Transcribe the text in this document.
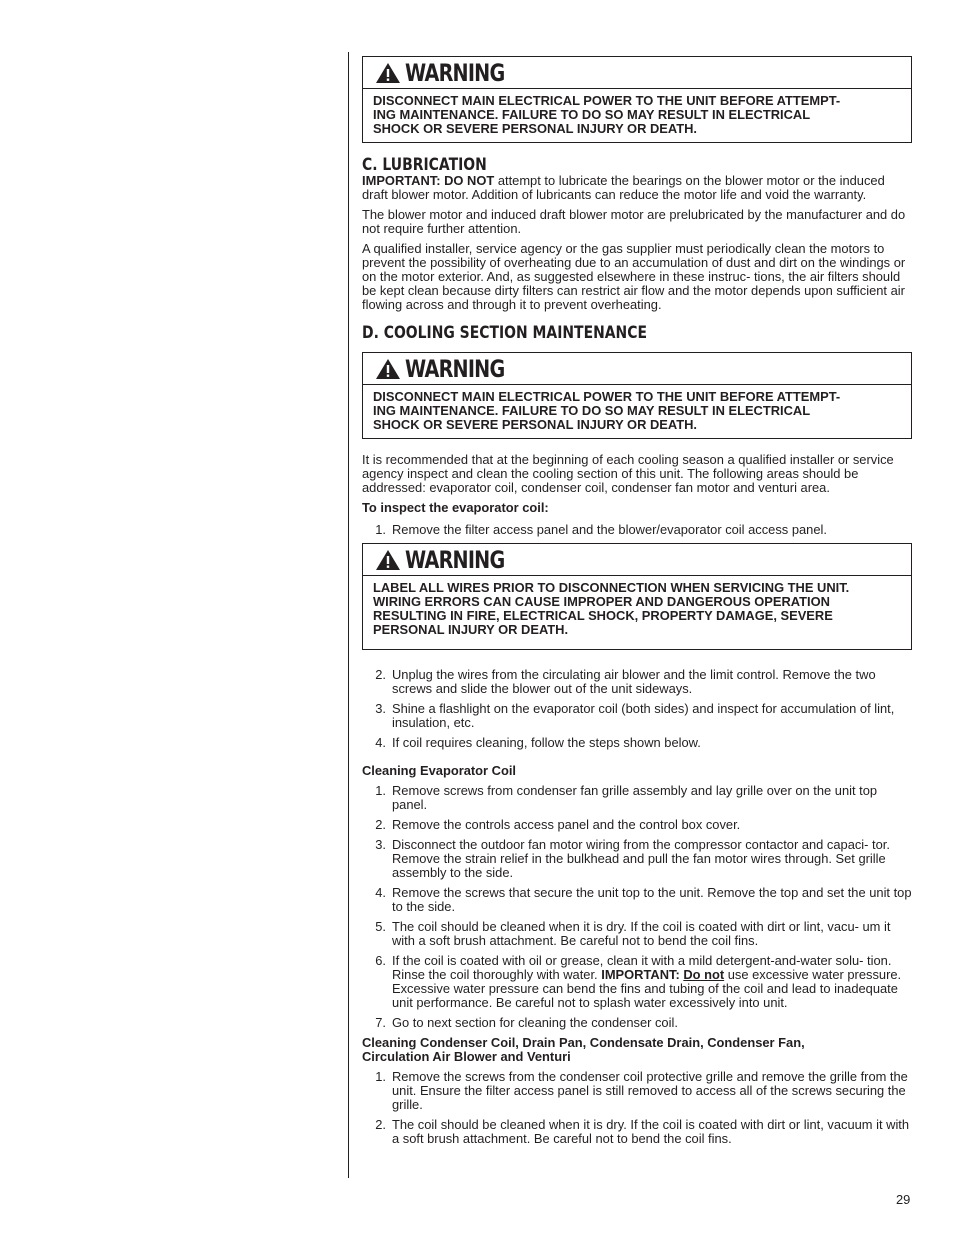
WARNING

DISCONNECT MAIN ELECTRICAL POWER TO THE UNIT BEFORE ATTEMPT-

ING MAINTENANCE. FAILURE TO DO SO MAY RESULT IN ELECTRICAL

SHOCK OR SEVERE PERSONAL INJURY OR DEATH.

C. LUBRICATION

IMPORTANT: DO NOT attempt to lubricate the bearings on the blower motor or the induced draft blower motor. Addition of lubricants can reduce the motor life and void the warranty.

The blower motor and induced draft blower motor are prelubricated by the manufacturer and do not require further attention.

A qualified installer, service agency or the gas supplier must periodically clean the motors to prevent the possibility of overheating due to an accumulation of dust and dirt on the windings or on the motor exterior. And, as suggested elsewhere in these instruc- tions, the air filters should be kept clean because dirty filters can restrict air flow and the motor depends upon sufficient air flowing across and through it to prevent overheating.

D. COOLING SECTION MAINTENANCE
WARNING

DISCONNECT MAIN ELECTRICAL POWER TO THE UNIT BEFORE ATTEMPT-

ING MAINTENANCE. FAILURE TO DO SO MAY RESULT IN ELECTRICAL

SHOCK OR SEVERE PERSONAL INJURY OR DEATH.

It is recommended that at the beginning of each cooling season a qualified installer or service agency inspect and clean the cooling section of this unit. The following areas should be addressed: evaporator coil, condenser coil, condenser fan motor and venturi area.

To inspect the evaporator coil:

1. Remove the filter access panel and the blower/evaporator coil access panel.
WARNING

LABEL ALL WIRES PRIOR TO DISCONNECTION WHEN SERVICING THE UNIT.

WIRING ERRORS CAN CAUSE IMPROPER AND DANGEROUS OPERATION

RESULTING IN FIRE, ELECTRICAL SHOCK, PROPERTY DAMAGE, SEVERE

PERSONAL INJURY OR DEATH.

2. Unplug the wires from the circulating air blower and the limit control. Remove the two screws and slide the blower out of the unit sideways.
3. Shine a flashlight on the evaporator coil (both sides) and inspect for accumulation of lint, insulation, etc.
4. If coil requires cleaning, follow the steps shown below.
Cleaning Evaporator Coil
1. Remove screws from condenser fan grille assembly and lay grille over on the unit top panel.
2. Remove the controls access panel and the control box cover.
3. Disconnect the outdoor fan motor wiring from the compressor contactor and capaci- tor. Remove the strain relief in the bulkhead and pull the fan motor wires through. Set grille assembly to the side.
4. Remove the screws that secure the unit top to the unit. Remove the top and set the unit top to the side.
5. The coil should be cleaned when it is dry. If the coil is coated with dirt or lint, vacu- um it with a soft brush attachment. Be careful not to bend the coil fins.
6. If the coil is coated with oil or grease, clean it with a mild detergent-and-water solu- tion. Rinse the coil thoroughly with water. IMPORTANT: Do not use excessive water pressure. Excessive water pressure can bend the fins and tubing of the coil and lead to inadequate unit performance. Be careful not to splash water excessively into unit.
7. Go to next section for cleaning the condenser coil.
Cleaning Condenser Coil, Drain Pan, Condensate Drain, Condenser Fan, Circulation Air Blower and Venturi
1. Remove the screws from the condenser coil protective grille and remove the grille from the unit. Ensure the filter access panel is still removed to access all of the screws securing the grille.
2. The coil should be cleaned when it is dry. If the coil is coated with dirt or lint, vacuum it with a soft brush attachment. Be careful not to bend the coil fins.
29
